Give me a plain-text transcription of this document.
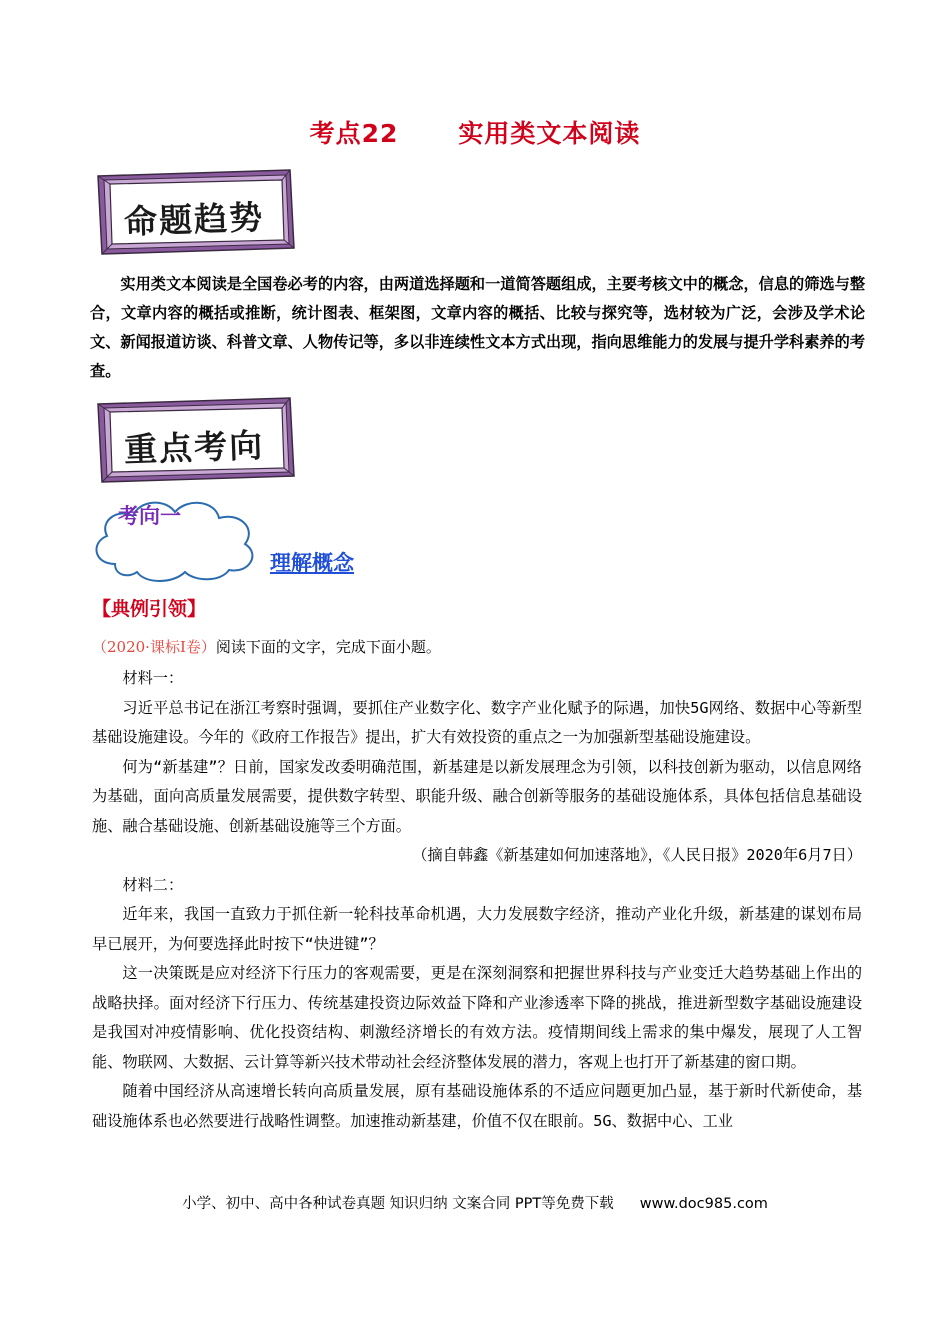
考点22 实用类文本阅读
命题趋势
实用类文本阅读是全国卷必考的内容，由两道选择题和一道简答题组成，主要考核文中的概念，信息的筛选与整合，文章内容的概括或推断，统计图表、框架图，文章内容的概括、比较与探究等，选材较为广泛，会涉及学术论文、新闻报道访谈、科普文章、人物传记等，多以非连续性文本方式出现，指向思维能力的发展与提升学科素养的考查。
重点考向
考向一
理解概念
【典例引领】
（2020·课标I卷）阅读下面的文字，完成下面小题。

材料一：

习近平总书记在浙江考察时强调，要抓住产业数字化、数字产业化赋予的际遇，加快5G网络、数据中心等新型基础设施建设。今年的《政府工作报告》提出，扩大有效投资的重点之一为加强新型基础设施建设。

何为“新基建”？日前，国家发改委明确范围，新基建是以新发展理念为引领，以科技创新为驱动，以信息网络为基础，面向高质量发展需要，提供数字转型、职能升级、融合创新等服务的基础设施体系，具体包括信息基础设施、融合基础设施、创新基础设施等三个方面。

（摘自韩鑫《新基建如何加速落地》，《人民日报》2020年6月7日）

材料二：

近年来，我国一直致力于抓住新一轮科技革命机遇，大力发展数字经济，推动产业化升级，新基建的谋划布局早已展开，为何要选择此时按下“快进键”？

这一决策既是应对经济下行压力的客观需要，更是在深刻洞察和把握世界科技与产业变迁大趋势基础上作出的战略抉择。面对经济下行压力、传统基建投资边际效益下降和产业渗透率下降的挑战，推进新型数字基础设施建设是我国对冲疫情影响、优化投资结构、刺激经济增长的有效方法。疫情期间线上需求的集中爆发，展现了人工智能、物联网、大数据、云计算等新兴技术带动社会经济整体发展的潜力，客观上也打开了新基建的窗口期。

随着中国经济从高速增长转向高质量发展，原有基础设施体系的不适应问题更加凸显，基于新时代新使命，基础设施体系也必然要进行战略性调整。加速推动新基建，价值不仅在眼前。5G、数据中心、工业

小学、初中、高中各种试卷真题 知识归纳 文案合同 PPT等免费下载 www.doc985.com
